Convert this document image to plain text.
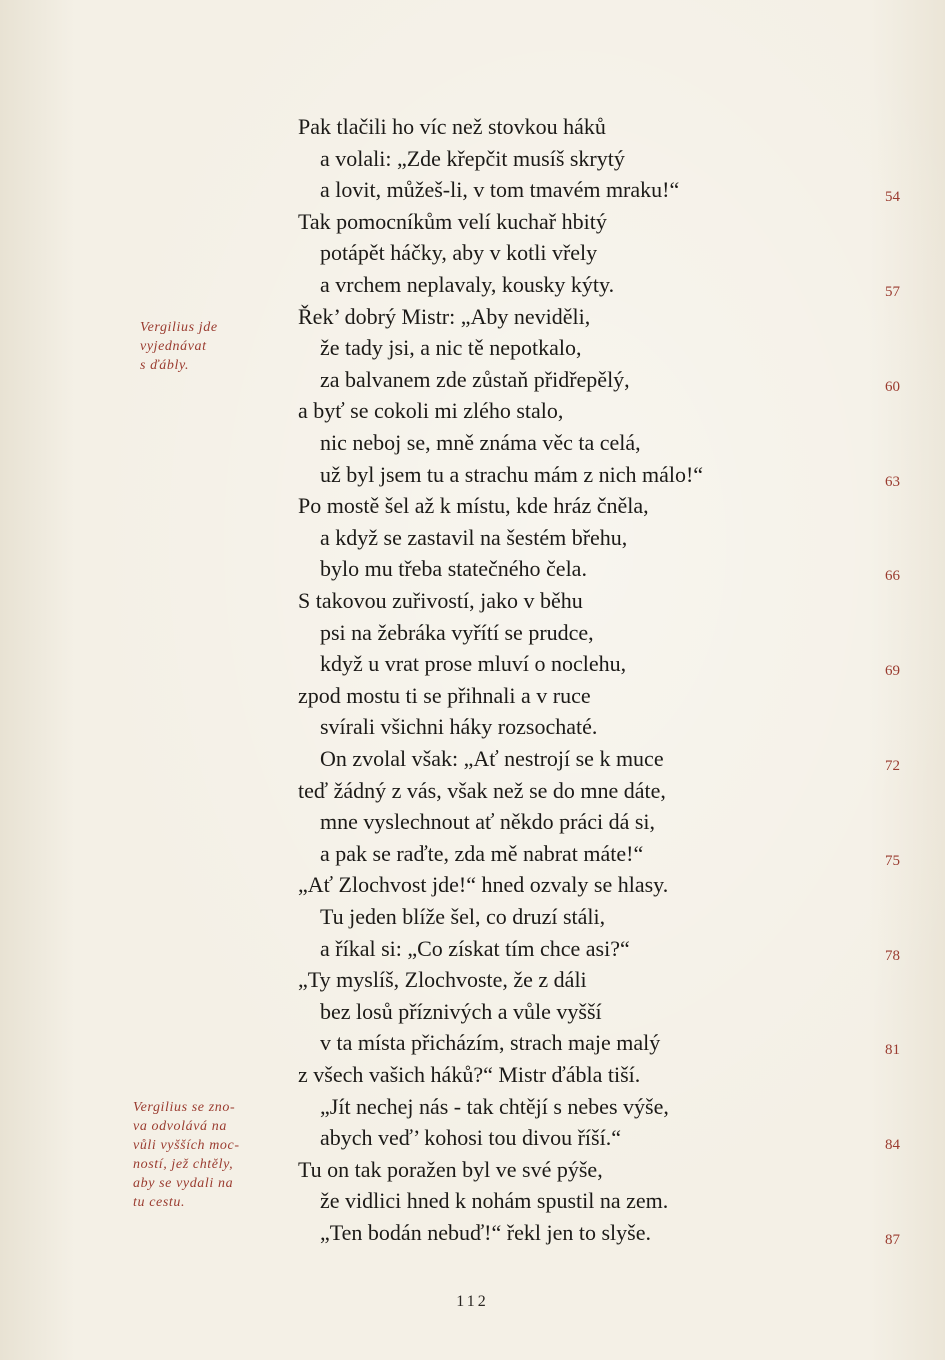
Pak tlačili ho víc než stovkou háků
a volali: „Zde křepčit musíš skrytý
a lovit, můžeš-li, v tom tmavém mraku!“
Tak pomocníkům velí kuchař hbitý
potápět háčky, aby v kotli vřely
a vrchem neplavaly, kousky kýty.
Řek’ dobrý Mistr: „Aby neviděli,
že tady jsi, a nic tě nepotkalo,
za balvanem zde zůstaň přidřepělý,
a byť se cokoli mi zlého stalo,
nic neboj se, mně známa věc ta celá,
už byl jsem tu a strachu mám z nich málo!“
Po mostě šel až k místu, kde hráz čněla,
a když se zastavil na šestém břehu,
bylo mu třeba statečného čela.
S takovou zuřivostí, jako v běhu
psi na žebráka vyřítí se prudce,
když u vrat prose mluví o noclehu,
zpod mostu ti se přihnali a v ruce
svírali všichni háky rozsochaté.
On zvolal však: „Ať nestrojí se k muce
teď žádný z vás, však než se do mne dáte,
mne vyslechnout ať někdo práci dá si,
a pak se raďte, zda mě nabrat máte!“
„Ať Zlochvost jde!“ hned ozvaly se hlasy.
Tu jeden blíže šel, co druzí stáli,
a říkal si: „Co získat tím chce asi?“
„Ty myslíš, Zlochvoste, že z dáli
bez losů příznivých a vůle vyšší
v ta místa přicházím, strach maje malý
z všech vašich háků?“ Mistr ďábla tiší.
„Jít nechej nás - tak chtějí s nebes výše,
abych veď’ kohosi tou divou říší.“
Tu on tak poražen byl ve své pýše,
že vidlici hned k nohám spustil na zem.
„Ten bodán nebuď!“ řekl jen to slyše.
54
57
60
63
66
69
72
75
78
81
84
87
Vergilius jde
vyjednávat
s ďábly.
Vergilius se zno-
va odvolává na
vůli vyšších moc-
ností, jež chtěly,
aby se vydali na
tu cestu.
112
